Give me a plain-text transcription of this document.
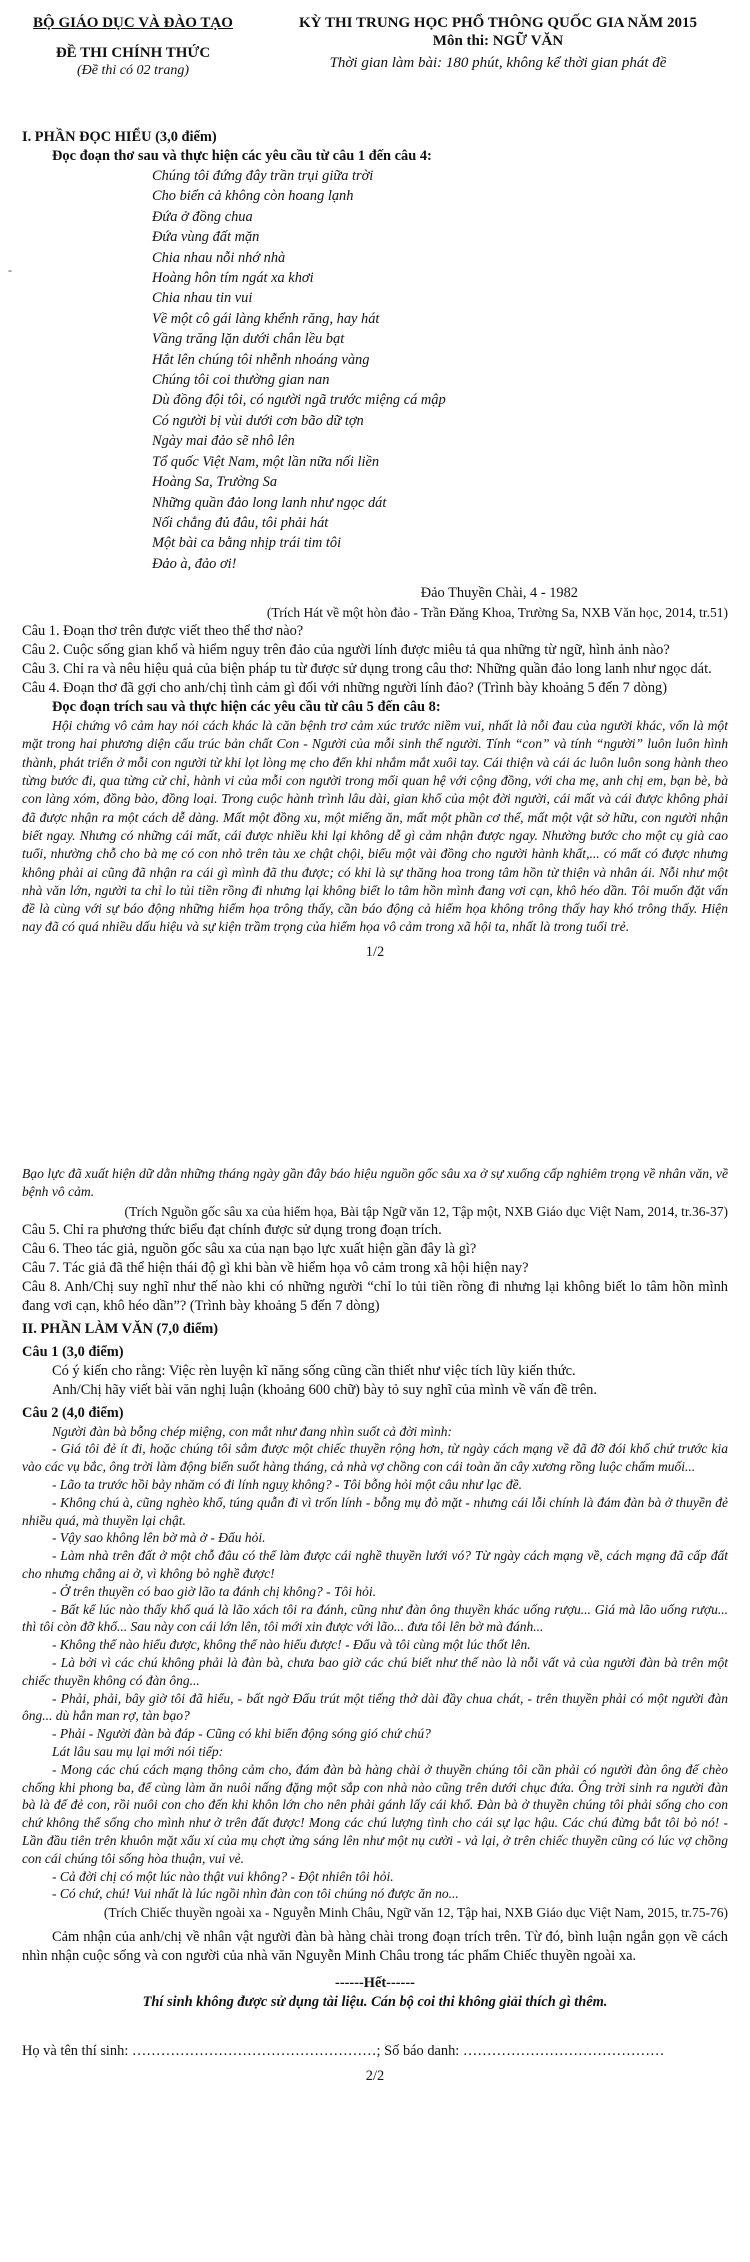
-
BỘ GIÁO DỤC VÀ ĐÀO TẠO
ĐỀ THI CHÍNH THỨC
(Đề thi có 02 trang)
KỲ THI TRUNG HỌC PHỔ THÔNG QUỐC GIA NĂM 2015
Môn thi: NGỮ VĂN
Thời gian làm bài: 180 phút, không kể thời gian phát đề
I. PHẦN ĐỌC HIỂU (3,0 điểm)
Đọc đoạn thơ sau và thực hiện các yêu cầu từ câu 1 đến câu 4:
Chúng tôi đứng đây trần trụi giữa trời
Cho biển cả không còn hoang lạnh
Đứa ở đồng chua
Đứa vùng đất mặn
Chia nhau nỗi nhớ nhà
Hoàng hôn tím ngát xa khơi
Chia nhau tin vui
Về một cô gái làng khểnh răng, hay hát
Vầng trăng lặn dưới chân lều bạt
Hắt lên chúng tôi nhễnh nhoáng vàng
Chúng tôi coi thường gian nan
Dù đồng đội tôi, có người ngã trước miệng cá mập
Có người bị vùi dưới cơn bão dữ tợn
Ngày mai đảo sẽ nhô lên
Tổ quốc Việt Nam, một lần nữa nối liền
Hoàng Sa, Trường Sa
Những quần đảo long lanh như ngọc dát
Nối chẳng đủ đâu, tôi phải hát
Một bài ca bằng nhịp trái tim tôi
Đảo à, đảo ơi!
Đảo Thuyền Chài, 4 - 1982
(Trích Hát về một hòn đảo - Trần Đăng Khoa, Trường Sa, NXB Văn học, 2014, tr.51)
Câu 1. Đoạn thơ trên được viết theo thể thơ nào?
Câu 2. Cuộc sống gian khổ và hiểm nguy trên đảo của người lính được miêu tả qua những từ ngữ, hình ảnh nào?
Câu 3. Chỉ ra và nêu hiệu quả của biện pháp tu từ được sử dụng trong câu thơ: Những quần đảo long lanh như ngọc dát.
Câu 4. Đoạn thơ đã gợi cho anh/chị tình cảm gì đối với những người lính đảo? (Trình bày khoảng 5 đến 7 dòng)
Đọc đoạn trích sau và thực hiện các yêu cầu từ câu 5 đến câu 8:
Hội chứng vô cảm hay nói cách khác là căn bệnh trơ cảm xúc trước niềm vui, nhất là nỗi đau của người khác, vốn là một mặt trong hai phương diện cấu trúc bản chất Con - Người của mỗi sinh thể người. Tính “con” và tính “người” luôn luôn hình thành, phát triển ở mỗi con người từ khi lọt lòng mẹ cho đến khi nhắm mắt xuôi tay. Cái thiện và cái ác luôn luôn song hành theo từng bước đi, qua từng cử chỉ, hành vi của mỗi con người trong mối quan hệ với cộng đồng, với cha mẹ, anh chị em, bạn bè, bà con làng xóm, đồng bào, đồng loại. Trong cuộc hành trình lâu dài, gian khổ của một đời người, cái mất và cái được không phải đã được nhận ra một cách dễ dàng. Mất một đồng xu, một miếng ăn, mất một phần cơ thể, mất một vật sở hữu, con người nhận biết ngay. Nhưng có những cái mất, cái được nhiều khi lại không dễ gì cảm nhận được ngay. Nhường bước cho một cụ già cao tuổi, nhường chỗ cho bà mẹ có con nhỏ trên tàu xe chật chội, biếu một vài đồng cho người hành khất,... có mất có được nhưng không phải ai cũng đã nhận ra cái gì mình đã thu được; có khi là sự thăng hoa trong tâm hồn từ thiện và nhân ái. Nỗi như một nhà văn lớn, người ta chỉ lo tủi tiền rồng đi nhưng lại không biết lo tâm hồn mình đang vơi cạn, khô héo dần. Tôi muốn đặt vấn đề là cùng với sự báo động những hiểm họa trông thấy, cần báo động cả hiểm họa không trông thấy hay khó trông thấy. Hiện nay đã có quá nhiều dấu hiệu và sự kiện trầm trọng của hiểm họa vô cảm trong xã hội ta, nhất là trong tuổi trẻ.
1/2
Bạo lực đã xuất hiện dữ dằn những tháng ngày gần đây báo hiệu nguồn gốc sâu xa ở sự xuống cấp nghiêm trọng về nhân văn, về bệnh vô cảm.
(Trích Nguồn gốc sâu xa của hiểm họa, Bài tập Ngữ văn 12, Tập một, NXB Giáo dục Việt Nam, 2014, tr.36-37)
Câu 5. Chỉ ra phương thức biểu đạt chính được sử dụng trong đoạn trích.
Câu 6. Theo tác giả, nguồn gốc sâu xa của nạn bạo lực xuất hiện gần đây là gì?
Câu 7. Tác giả đã thể hiện thái độ gì khi bàn về hiểm họa vô cảm trong xã hội hiện nay?
Câu 8. Anh/Chị suy nghĩ như thế nào khi có những người “chỉ lo tủi tiền rồng đi nhưng lại không biết lo tâm hồn mình đang vơi cạn, khô héo dần”? (Trình bày khoảng 5 đến 7 dòng)
II. PHẦN LÀM VĂN (7,0 điểm)
Câu 1 (3,0 điểm)
Có ý kiến cho rằng: Việc rèn luyện kĩ năng sống cũng cần thiết như việc tích lũy kiến thức.
Anh/Chị hãy viết bài văn nghị luận (khoảng 600 chữ) bày tỏ suy nghĩ của mình về vấn đề trên.
Câu 2 (4,0 điểm)
Người đàn bà bỗng chép miệng, con mắt như đang nhìn suốt cả đời mình:
- Giá tôi đẻ ít đi, hoặc chúng tôi sắm được một chiếc thuyền rộng hơn, từ ngày cách mạng về đã đỡ đói khổ chứ trước kia vào các vụ bắc, ông trời làm động biển suốt hàng tháng, cả nhà vợ chồng con cái toàn ăn cây xương rồng luộc chấm muối...
- Lão ta trước hồi bảy nhăm có đi lính nguỵ không? - Tôi bỗng hỏi một câu như lạc đề.
- Không chú à, cũng nghèo khổ, túng quẫn đi vì trốn lính - bỗng mụ đỏ mặt - nhưng cái lỗi chính là đám đàn bà ở thuyền đẻ nhiều quá, mà thuyền lại chật.
- Vậy sao không lên bờ mà ở - Đẩu hỏi.
- Làm nhà trên đất ở một chỗ đâu có thể làm được cái nghề thuyền lưới vó? Từ ngày cách mạng về, cách mạng đã cấp đất cho nhưng chẳng ai ở, vì không bỏ nghề được!
- Ở trên thuyền có bao giờ lão ta đánh chị không? - Tôi hỏi.
- Bất kể lúc nào thấy khổ quá là lão xách tôi ra đánh, cũng như đàn ông thuyền khác uống rượu... Giá mà lão uống rượu... thì tôi còn đỡ khổ... Sau này con cái lớn lên, tôi mới xin được với lão... đưa tôi lên bờ mà đánh...
- Không thể nào hiểu được, không thể nào hiểu được! - Đẩu và tôi cùng một lúc thốt lên.
- Là bởi vì các chú không phải là đàn bà, chưa bao giờ các chú biết như thế nào là nỗi vất vả của người đàn bà trên một chiếc thuyền không có đàn ông...
- Phải, phải, bây giờ tôi đã hiểu, - bất ngờ Đẩu trút một tiếng thở dài đầy chua chát, - trên thuyền phải có một người đàn ông... dù hắn man rợ, tàn bạo?
- Phải - Người đàn bà đáp - Cũng có khi biển động sóng gió chứ chú?
Lát lâu sau mụ lại mới nói tiếp:
- Mong các chú cách mạng thông cảm cho, đám đàn bà hàng chài ở thuyền chúng tôi cần phải có người đàn ông để chèo chống khi phong ba, để cùng làm ăn nuôi nấng đặng một sắp con nhà nào cũng trên dưới chục đứa. Ông trời sinh ra người đàn bà là để đẻ con, rồi nuôi con cho đến khi khôn lớn cho nên phải gánh lấy cái khổ. Đàn bà ở thuyền chúng tôi phải sống cho con chứ không thể sống cho mình như ở trên đất được! Mong các chú lượng tình cho cái sự lạc hậu. Các chú đừng bắt tôi bỏ nó! - Lần đầu tiên trên khuôn mặt xấu xí của mụ chợt ửng sáng lên như một nụ cười - vả lại, ở trên chiếc thuyền cũng có lúc vợ chồng con cái chúng tôi sống hòa thuận, vui vẻ.
- Cả đời chị có một lúc nào thật vui không? - Đột nhiên tôi hỏi.
- Có chứ, chú! Vui nhất là lúc ngồi nhìn đàn con tôi chúng nó được ăn no...
(Trích Chiếc thuyền ngoài xa - Nguyễn Minh Châu, Ngữ văn 12, Tập hai, NXB Giáo dục Việt Nam, 2015, tr.75-76)
Cảm nhận của anh/chị về nhân vật người đàn bà hàng chài trong đoạn trích trên. Từ đó, bình luận ngắn gọn về cách nhìn nhận cuộc sống và con người của nhà văn Nguyễn Minh Châu trong tác phẩm Chiếc thuyền ngoài xa.
------Hết------
Thí sinh không được sử dụng tài liệu. Cán bộ coi thi không giải thích gì thêm.
Họ và tên thí sinh: ……………………………………………; Số báo danh: ……………………………………
2/2
